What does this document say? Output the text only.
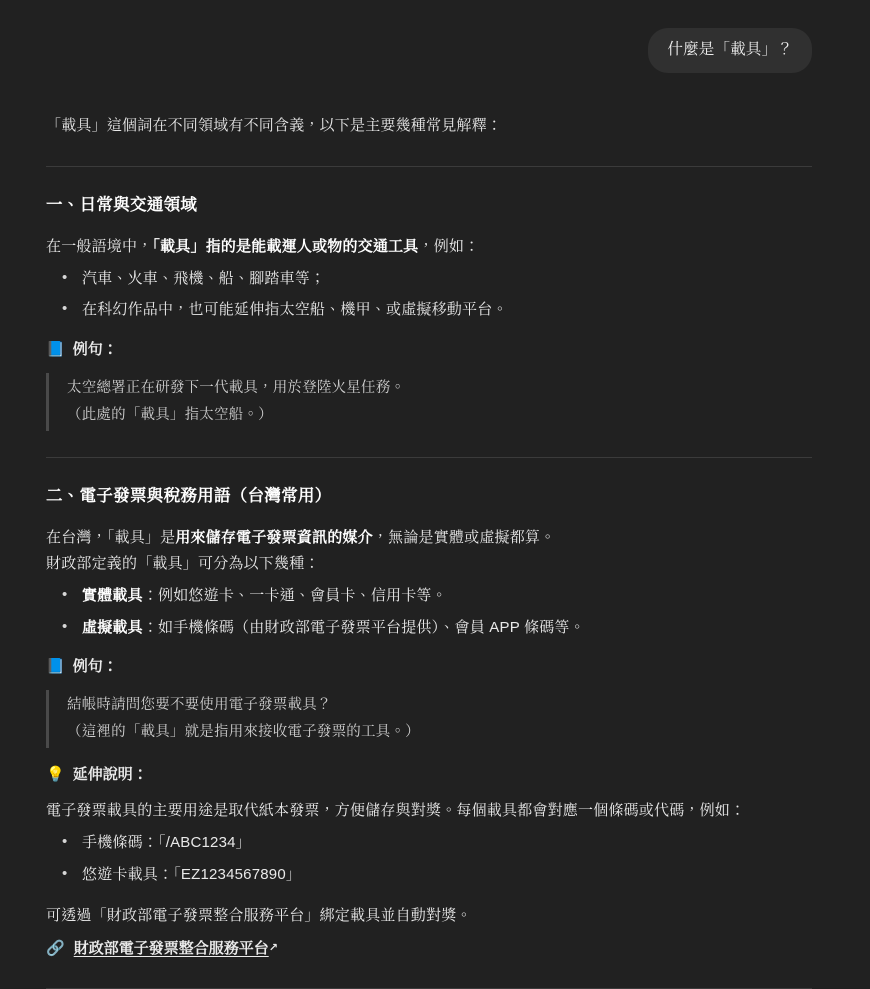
什麼是「載具」？

「載具」這個詞在不同領域有不同含義，以下是主要幾種常見解釋：

一、日常與交通領域

在一般語境中，「載具」指的是能載運人或物的交通工具，例如：

• 汽車、火車、飛機、船、腳踏車等；
• 在科幻作品中，也可能延伸指太空船、機甲、或虛擬移動平台。
📘 例句：
太空總署正在研發下一代載具，用於登陸火星任務。
（此處的「載具」指太空船。）
二、電子發票與稅務用語（台灣常用）

在台灣，「載具」是用來儲存電子發票資訊的媒介，無論是實體或虛擬都算。

財政部定義的「載具」可分為以下幾種：

• 實體載具：例如悠遊卡、一卡通、會員卡、信用卡等。
• 虛擬載具：如手機條碼（由財政部電子發票平台提供）、會員 APP 條碼等。
📘 例句：
結帳時請問您要不要使用電子發票載具？
（這裡的「載具」就是指用來接收電子發票的工具。）
💡 延伸說明：

電子發票載具的主要用途是取代紙本發票，方便儲存與對獎。每個載具都會對應一個條碼或代碼，例如：

• 手機條碼：「/ABC1234」
• 悠遊卡載具：「EZ1234567890」

可透過「財政部電子發票整合服務平台」綁定載具並自動對獎。

🔗 財政部電子發票整合服務平台↗
